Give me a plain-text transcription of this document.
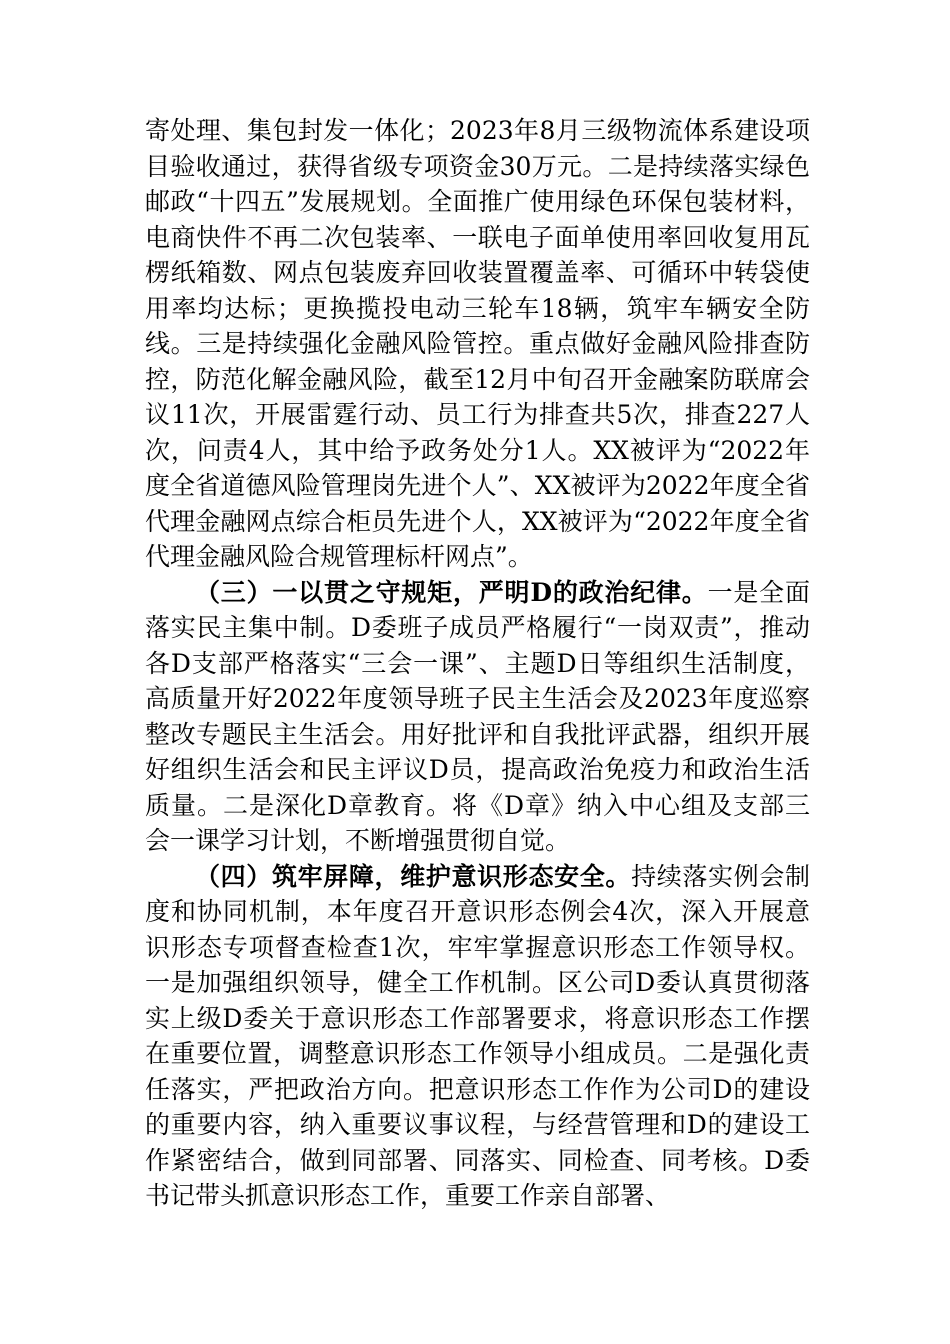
寄处理、集包封发一体化；2023年8月三级物流体系建设项目验收通过，获得省级专项资金30万元。二是持续落实绿色邮政“十四五”发展规划。全面推广使用绿色环保包装材料，电商快件不再二次包装率、一联电子面单使用率回收复用瓦楞纸箱数、网点包装废弃回收装置覆盖率、可循环中转袋使用率均达标；更换揽投电动三轮车18辆，筑牢车辆安全防线。三是持续强化金融风险管控。重点做好金融风险排查防控，防范化解金融风险，截至12月中旬召开金融案防联席会议11次，开展雷霆行动、员工行为排查共5次，排查227人次，问责4人，其中给予政务处分1人。XX被评为“2022年度全省道德风险管理岗先进个人”、XX被评为2022年度全省代理金融网点综合柜员先进个人，XX被评为“2022年度全省代理金融风险合规管理标杆网点”。

（三）一以贯之守规矩，严明D的政治纪律。一是全面落实民主集中制。D委班子成员严格履行“一岗双责”，推动各D支部严格落实“三会一课”、主题D日等组织生活制度，高质量开好2022年度领导班子民主生活会及2023年度巡察整改专题民主生活会。用好批评和自我批评武器，组织开展好组织生活会和民主评议D员，提高政治免疫力和政治生活质量。二是深化D章教育。将《D章》纳入中心组及支部三会一课学习计划，不断增强贯彻自觉。

（四）筑牢屏障，维护意识形态安全。持续落实例会制度和协同机制，本年度召开意识形态例会4次，深入开展意识形态专项督查检查1次，牢牢掌握意识形态工作领导权。一是加强组织领导，健全工作机制。区公司D委认真贯彻落实上级D委关于意识形态工作部署要求，将意识形态工作摆在重要位置，调整意识形态工作领导小组成员。二是强化责任落实，严把政治方向。把意识形态工作作为公司D的建设的重要内容，纳入重要议事议程，与经营管理和D的建设工作紧密结合，做到同部署、同落实、同检查、同考核。D委书记带头抓意识形态工作，重要工作亲自部署、
